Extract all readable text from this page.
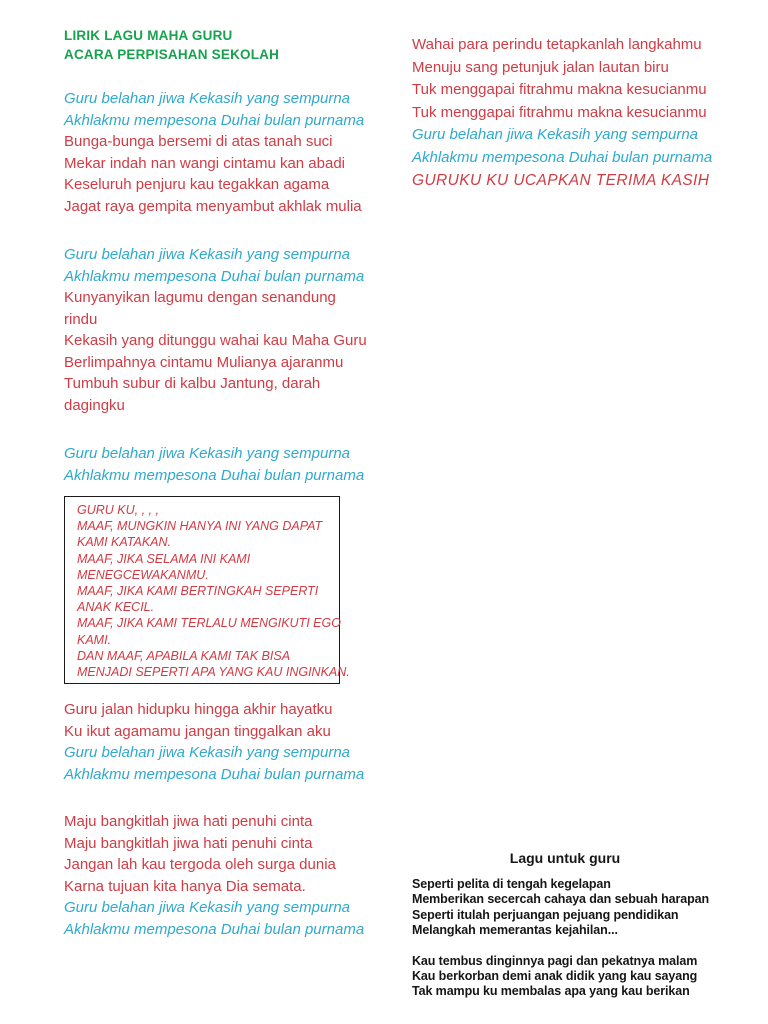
LIRIK LAGU MAHA GURU
ACARA PERPISAHAN SEKOLAH
Guru belahan jiwa Kekasih yang sempurna
Akhlakmu mempesona Duhai bulan purnama
Bunga-bunga bersemi di atas tanah suci
Mekar indah nan wangi cintamu kan abadi
Keseluruh penjuru kau tegakkan agama
Jagat raya gempita menyambut akhlak mulia
Guru belahan jiwa Kekasih yang sempurna
Akhlakmu mempesona Duhai bulan purnama
Kunyanyikan lagumu dengan senandung
rindu
Kekasih yang ditunggu wahai kau Maha Guru
Berlimpahnya cintamu Mulianya ajaranmu
Tumbuh subur di kalbu Jantung, darah
dagingku
Guru belahan jiwa Kekasih yang sempurna
Akhlakmu mempesona Duhai bulan purnama
GURU KU, , , ,
MAAF, MUNGKIN HANYA INI YANG DAPAT
KAMI KATAKAN.
MAAF, JIKA SELAMA INI KAMI
MENEGCEWAKANMU.
MAAF, JIKA KAMI BERTINGKAH SEPERTI
ANAK KECIL.
MAAF, JIKA KAMI TERLALU MENGIKUTI EGO
KAMI.
DAN MAAF, APABILA KAMI TAK BISA
MENJADI SEPERTI APA YANG KAU INGINKAN.
Guru jalan hidupku hingga akhir hayatku
Ku ikut agamamu jangan tinggalkan aku
Guru belahan jiwa Kekasih yang sempurna
Akhlakmu mempesona Duhai bulan purnama
Maju bangkitlah jiwa hati penuhi cinta
Maju bangkitlah jiwa hati penuhi cinta
Jangan lah kau tergoda oleh surga dunia
Karna tujuan kita hanya Dia semata.
Guru belahan jiwa Kekasih yang sempurna
Akhlakmu mempesona Duhai bulan purnama
Wahai para perindu tetapkanlah langkahmu
Menuju sang petunjuk jalan lautan biru
Tuk menggapai fitrahmu makna kesucianmu
Tuk menggapai fitrahmu makna kesucianmu
Guru belahan jiwa Kekasih yang sempurna
Akhlakmu mempesona Duhai bulan purnama
GURUKU KU UCAPKAN TERIMA KASIH
Lagu untuk guru
Seperti pelita di tengah kegelapan
Memberikan secercah cahaya dan sebuah harapan
Seperti itulah perjuangan pejuang pendidikan
Melangkah memerantas kejahilan...
Kau tembus dinginnya pagi dan pekatnya malam
Kau berkorban demi anak didik yang kau sayang
Tak mampu ku membalas apa yang kau berikan
